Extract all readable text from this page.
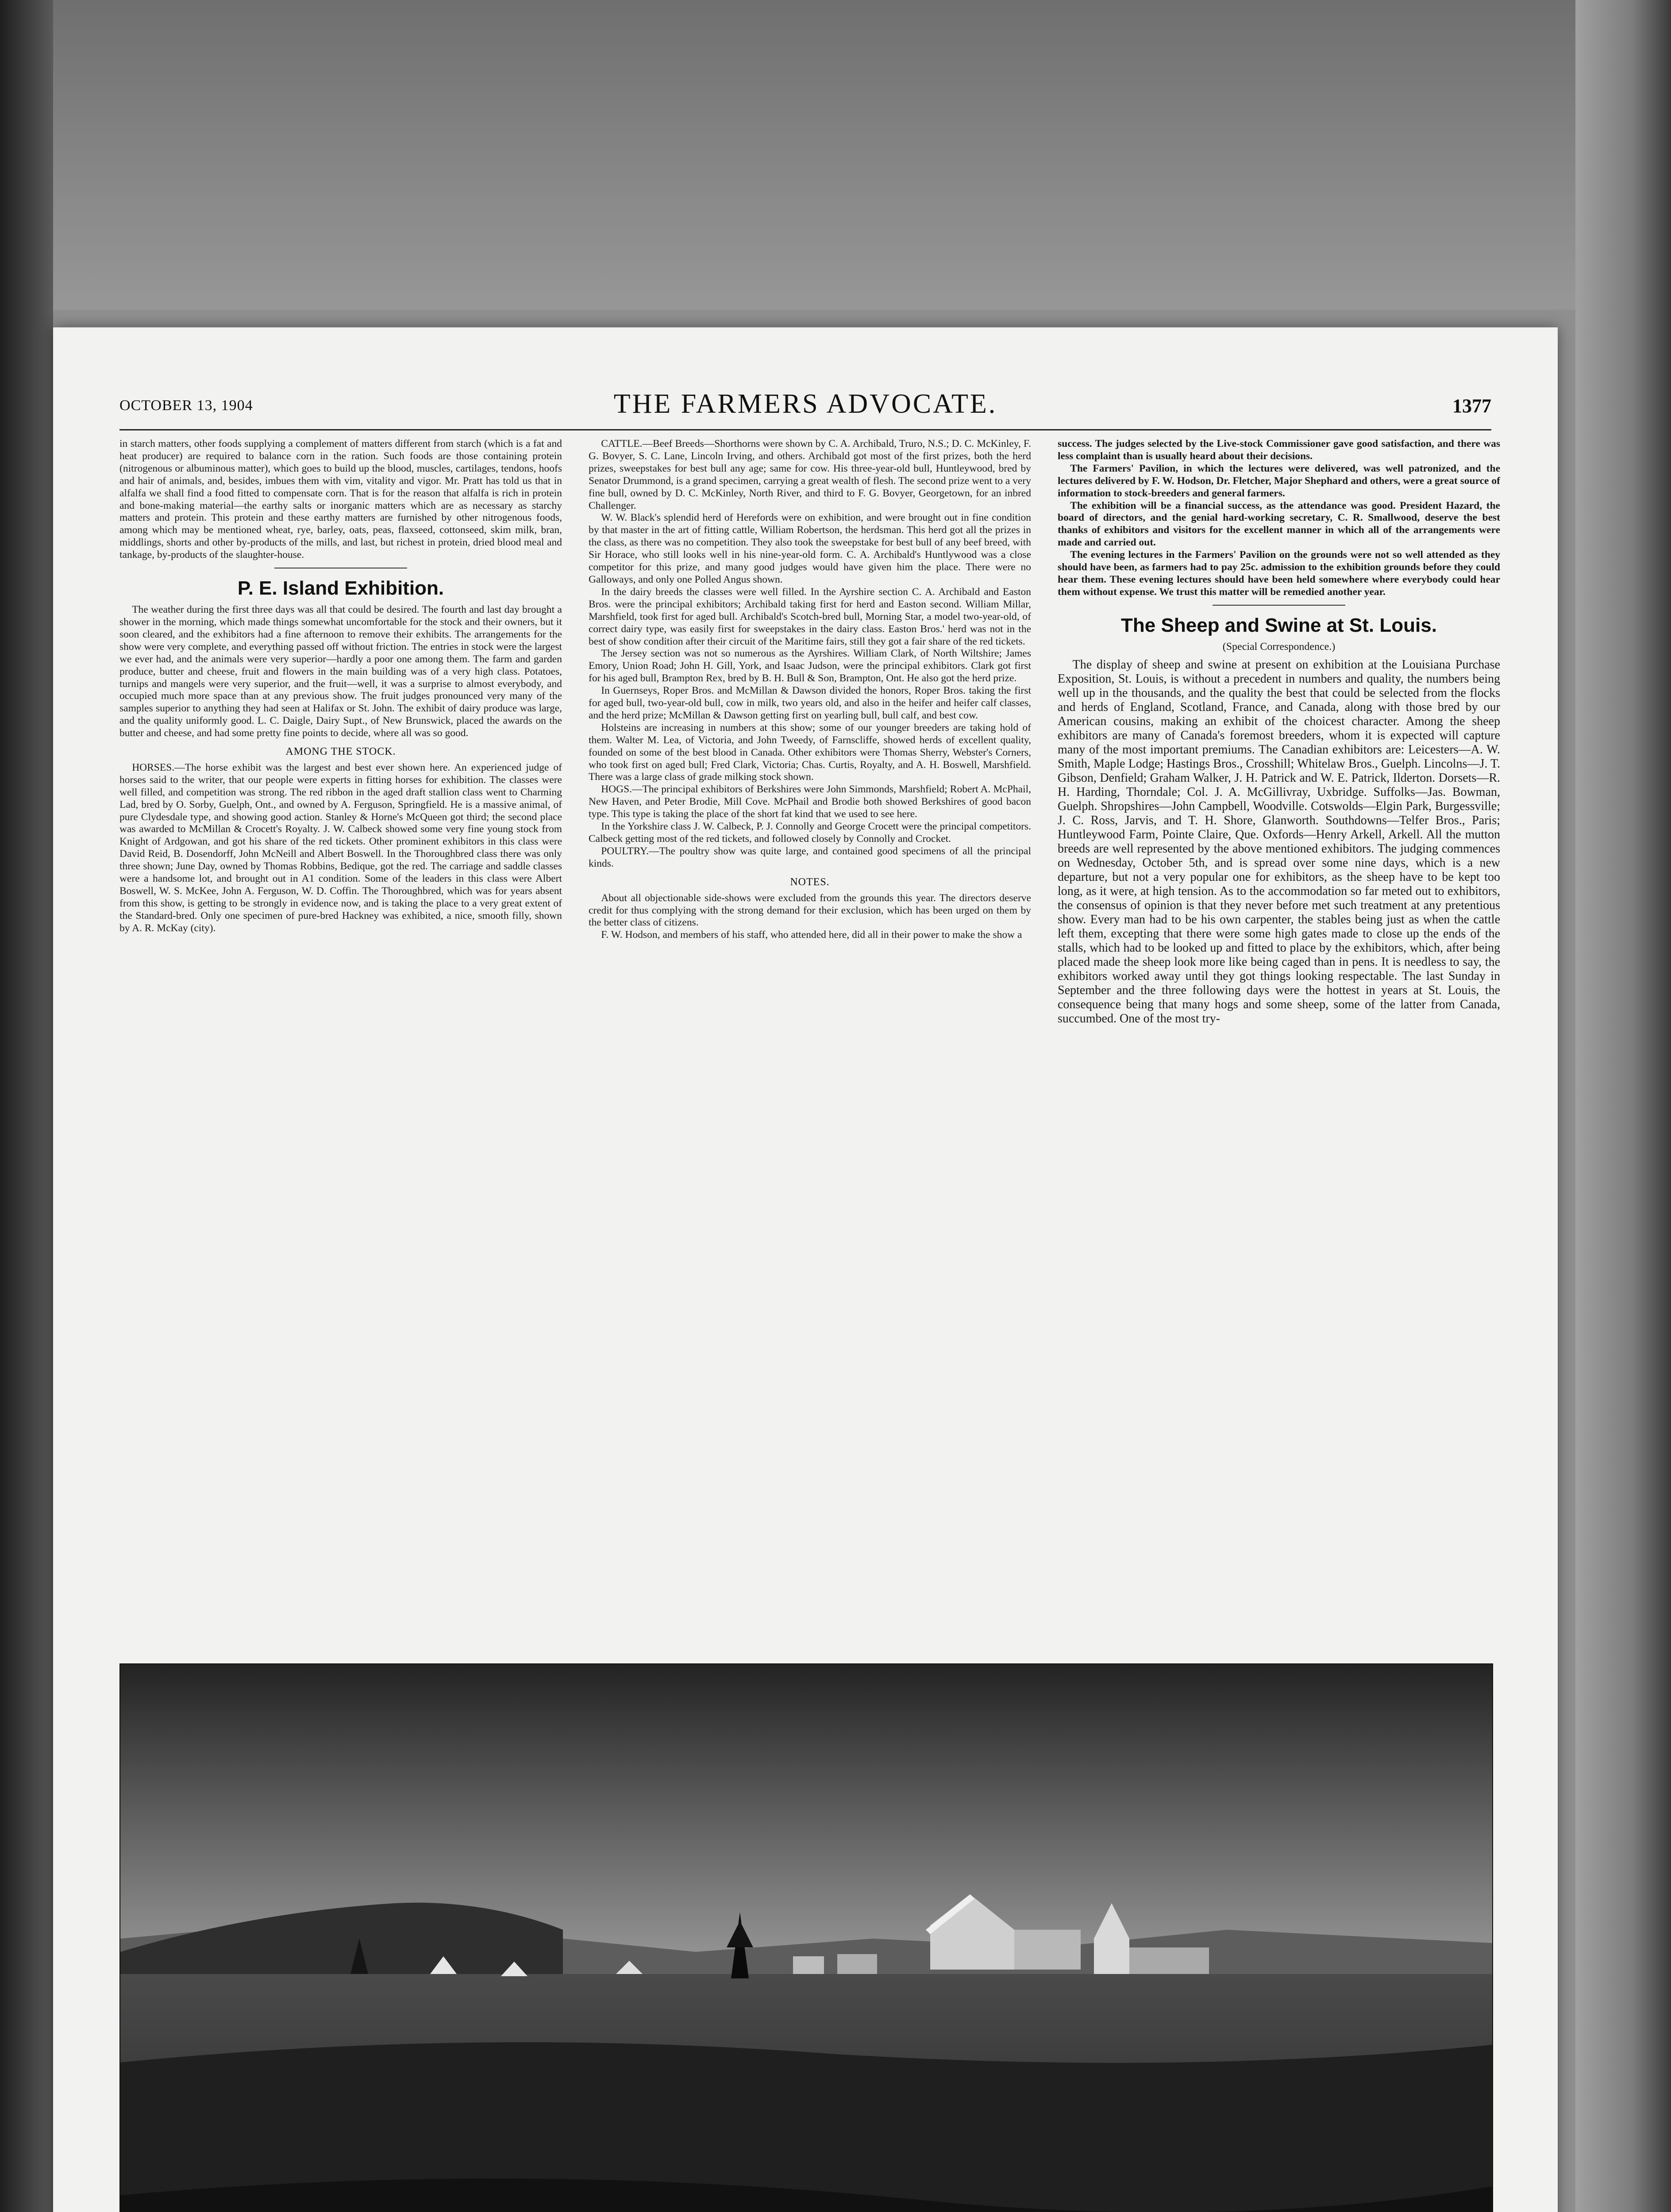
OCTOBER 13, 1904	THE FARMERS ADVOCATE.	1377

in starch matters, other foods supplying a complement of matters different from starch (which is a fat and heat producer) are required to balance corn in the ration. Such foods are those containing protein (nitrogenous or albuminous matter), which goes to build up the blood, muscles, cartilages, tendons, hoofs and hair of animals, and, besides, imbues them with vim, vitality and vigor. Mr. Pratt has told us that in alfalfa we shall find a food fitted to compensate corn. That is for the reason that alfalfa is rich in protein and bone-making material—the earthy salts or inorganic matters which are as necessary as starchy matters and protein. This protein and these earthy matters are furnished by other nitrogenous foods, among which may be mentioned wheat, rye, barley, oats, peas, flaxseed, cottonseed, skim milk, bran, middlings, shorts and other by-products of the mills, and last, but richest in protein, dried blood meal and tankage, by-products of the slaughter-house.

P. E. Island Exhibition.

The weather during the first three days was all that could be desired. The fourth and last day brought a shower in the morning, which made things somewhat uncomfortable for the stock and their owners, but it soon cleared, and the exhibitors had a fine afternoon to remove their exhibits. The arrangements for the show were very complete, and everything passed off without friction. The entries in stock were the largest we ever had, and the animals were very superior—hardly a poor one among them. The farm and garden produce, butter and cheese, fruit and flowers in the main building was of a very high class. Potatoes, turnips and mangels were very superior, and the fruit—well, it was a surprise to almost everybody, and occupied much more space than at any previous show. The fruit judges pronounced very many of the samples superior to anything they had seen at Halifax or St. John. The exhibit of dairy produce was large, and the quality uniformly good. L. C. Daigle, Dairy Supt., of New Brunswick, placed the awards on the butter and cheese, and had some pretty fine points to decide, where all was so good.

AMONG THE STOCK.

HORSES.—The horse exhibit was the largest and best ever shown here. An experienced judge of horses said to the writer, that our people were experts in fitting horses for exhibition. The classes were well filled, and competition was strong. The red ribbon in the aged draft stallion class went to Charming Lad, bred by O. Sorby, Guelph, Ont., and owned by A. Ferguson, Springfield. He is a massive animal, of pure Clydesdale type, and showing good action. Stanley & Horne's McQueen got third; the second place was awarded to McMillan & Crocett's Royalty. J. W. Calbeck showed some very fine young stock from Knight of Ardgowan, and got his share of the red tickets. Other prominent exhibitors in this class were David Reid, B. Dosendorff, John McNeill and Albert Boswell. In the Thoroughbred class there was only three shown; June Day, owned by Thomas Robbins, Bedique, got the red. The carriage and saddle classes were a handsome lot, and brought out in A1 condition. Some of the leaders in this class were Albert Boswell, W. S. McKee, John A. Ferguson, W. D. Coffin. The Thoroughbred, which was for years absent from this show, is getting to be strongly in evidence now, and is taking the place to a very great extent of the Standard-bred. Only one specimen of pure-bred Hackney was exhibited, a nice, smooth filly, shown by A. R. McKay (city).

CATTLE.—Beef Breeds—Shorthorns were shown by C. A. Archibald, Truro, N.S.; D. C. McKinley, F. G. Bovyer, S. C. Lane, Lincoln Irving, and others. Archibald got most of the first prizes, both the herd prizes, sweepstakes for best bull any age; same for cow. His three-year-old bull, Huntleywood, bred by Senator Drummond, is a grand specimen, carrying a great wealth of flesh. The second prize went to a very fine bull, owned by D. C. McKinley, North River, and third to F. G. Bovyer, Georgetown, for an inbred Challenger.

W. W. Black's splendid herd of Herefords were on exhibition, and were brought out in fine condition by that master in the art of fitting cattle, William Robertson, the herdsman. This herd got all the prizes in the class, as there was no competition. They also took the sweepstake for best bull of any beef breed, with Sir Horace, who still looks well in his nine-year-old form. C. A. Archibald's Huntlywood was a close competitor for this prize, and many good judges would have given him the place. There were no Galloways, and only one Polled Angus shown.

In the dairy breeds the classes were well filled. In the Ayrshire section C. A. Archibald and Easton Bros. were the principal exhibitors; Archibald taking first for herd and Easton second. William Millar, Marshfield, took first for aged bull. Archibald's Scotch-bred bull, Morning Star, a model two-year-old, of correct dairy type, was easily first for sweepstakes in the dairy class. Easton Bros.' herd was not in the best of show condition after their circuit of the Maritime fairs, still they got a fair share of the red tickets.

The Jersey section was not so numerous as the Ayrshires. William Clark, of North Wiltshire; James Emory, Union Road; John H. Gill, York, and Isaac Judson, were the principal exhibitors. Clark got first for his aged bull, Brampton Rex, bred by B. H. Bull & Son, Brampton, Ont. He also got the herd prize.

In Guernseys, Roper Bros. and McMillan & Dawson divided the honors, Roper Bros. taking the first for aged bull, two-year-old bull, cow in milk, two years old, and also in the heifer and heifer calf classes, and the herd prize; McMillan & Dawson getting first on yearling bull, bull calf, and best cow.

Holsteins are increasing in numbers at this show; some of our younger breeders are taking hold of them. Walter M. Lea, of Victoria, and John Tweedy, of Farnscliffe, showed herds of excellent quality, founded on some of the best blood in Canada. Other exhibitors were Thomas Sherry, Webster's Corners, who took first on aged bull; Fred Clark, Victoria; Chas. Curtis, Royalty, and A. H. Boswell, Marshfield. There was a large class of grade milking stock shown.

HOGS.—The principal exhibitors of Berkshires were John Simmonds, Marshfield; Robert A. McPhail, New Haven, and Peter Brodie, Mill Cove. McPhail and Brodie both showed Berkshires of good bacon type. This type is taking the place of the short fat kind that we used to see here.

In the Yorkshire class J. W. Calbeck, P. J. Connolly and George Crocett were the principal competitors. Calbeck getting most of the red tickets, and followed closely by Connolly and Crocket.

POULTRY.—The poultry show was quite large, and contained good specimens of all the principal kinds.

NOTES.

About all objectionable side-shows were excluded from the grounds this year. The directors deserve credit for thus complying with the strong demand for their exclusion, which has been urged on them by the better class of citizens.

F. W. Hodson, and members of his staff, who attended here, did all in their power to make the show a

success. The judges selected by the Live-stock Commissioner gave good satisfaction, and there was less complaint than is usually heard about their decisions.

The Farmers' Pavilion, in which the lectures were delivered, was well patronized, and the lectures delivered by F. W. Hodson, Dr. Fletcher, Major Shephard and others, were a great source of information to stock-breeders and general farmers.

The exhibition will be a financial success, as the attendance was good. President Hazard, the board of directors, and the genial hard-working secretary, C. R. Smallwood, deserve the best thanks of exhibitors and visitors for the excellent manner in which all of the arrangements were made and carried out.

The evening lectures in the Farmers' Pavilion on the grounds were not so well attended as they should have been, as farmers had to pay 25c. admission to the exhibition grounds before they could hear them. These evening lectures should have been held somewhere where everybody could hear them without expense. We trust this matter will be remedied another year.

The Sheep and Swine at St. Louis.
(Special Correspondence.)

The display of sheep and swine at present on exhibition at the Louisiana Purchase Exposition, St. Louis, is without a precedent in numbers and quality, the numbers being well up in the thousands, and the quality the best that could be selected from the flocks and herds of England, Scotland, France, and Canada, along with those bred by our American cousins, making an exhibit of the choicest character. Among the sheep exhibitors are many of Canada's foremost breeders, whom it is expected will capture many of the most important premiums. The Canadian exhibitors are: Leicesters—A. W. Smith, Maple Lodge; Hastings Bros., Crosshill; Whitelaw Bros., Guelph. Lincolns—J. T. Gibson, Denfield; Graham Walker, J. H. Patrick and W. E. Patrick, Ilderton. Dorsets—R. H. Harding, Thorndale; Col. J. A. McGillivray, Uxbridge. Suffolks—Jas. Bowman, Guelph. Shropshires—John Campbell, Woodville. Cotswolds—Elgin Park, Burgessville; J. C. Ross, Jarvis, and T. H. Shore, Glanworth. Southdowns—Telfer Bros., Paris; Huntleywood Farm, Pointe Claire, Que. Oxfords—Henry Arkell, Arkell. All the mutton breeds are well represented by the above mentioned exhibitors. The judging commences on Wednesday, October 5th, and is spread over some nine days, which is a new departure, but not a very popular one for exhibitors, as the sheep have to be kept too long, as it were, at high tension. As to the accommodation so far meted out to exhibitors, the consensus of opinion is that they never before met such treatment at any pretentious show. Every man had to be his own carpenter, the stables being just as when the cattle left them, excepting that there were some high gates made to close up the ends of the stalls, which had to be looked up and fitted to place by the exhibitors, which, after being placed made the sheep look more like being caged than in pens. It is needless to say, the exhibitors worked away until they got things looking respectable. The last Sunday in September and the three following days were the hottest in years at St. Louis, the consequence being that many hogs and some sheep, some of the latter from Canada, succumbed. One of the most try-
